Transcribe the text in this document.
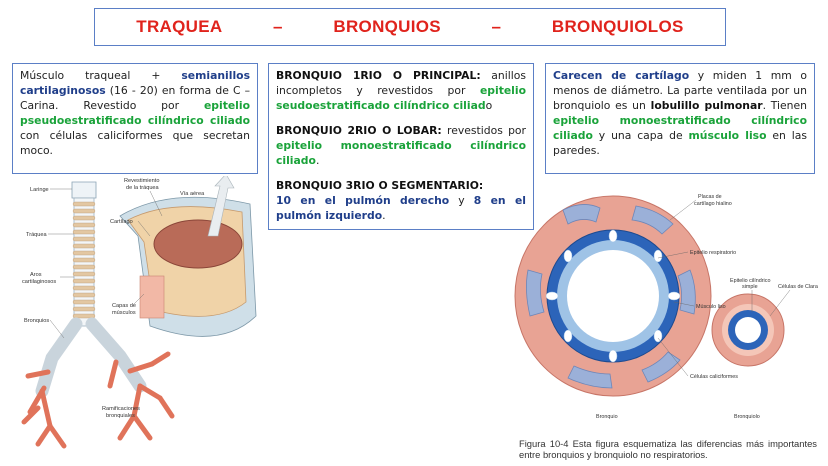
TRAQUEA	–	BRONQUIOS	–	BRONQUIOLOS
Músculo traqueal + semianillos cartilaginosos (16 - 20) en forma de C – Carina. Revestido por epitelio pseudoestratificado cilíndrico ciliado con células caliciformes que secretan moco.

BRONQUIO 1RIO O PRINCIPAL: anillos incompletos y revestidos por epitelio seudoestratificado cilíndrico ciliado

BRONQUIO 2RIO O LOBAR: revestidos por epitelio monoestratificado cilíndrico ciliado.

BRONQUIO 3RIO O SEGMENTARIO:
10 en el pulmón derecho y 8 en el pulmón izquierdo.

Carecen de cartílago y miden 1 mm o menos de diámetro. La parte ventilada por un bronquiolo es un lobulillo pulmonar. Tienen epitelio monoestratificado cilíndrico ciliado y una capa de músculo liso en las paredes.
Laringe
Tráquea
Aros
cartilaginosos
Bronquios
Revestimiento
de la tráquea
Vía aérea
Cartílago
Capas de
músculos
Ramificaciones
bronquiales
Placas de
cartílago hialino
Epitelio respiratorio
Epitelio cilíndrico
simple	Células de Clara
Músculo liso
Células caliciformes
Bronquio	Bronquiolo
Figura 10-4 Esta figura esquematiza las diferencias más importantes entre bronquios y bronquiolo no respiratorios.
